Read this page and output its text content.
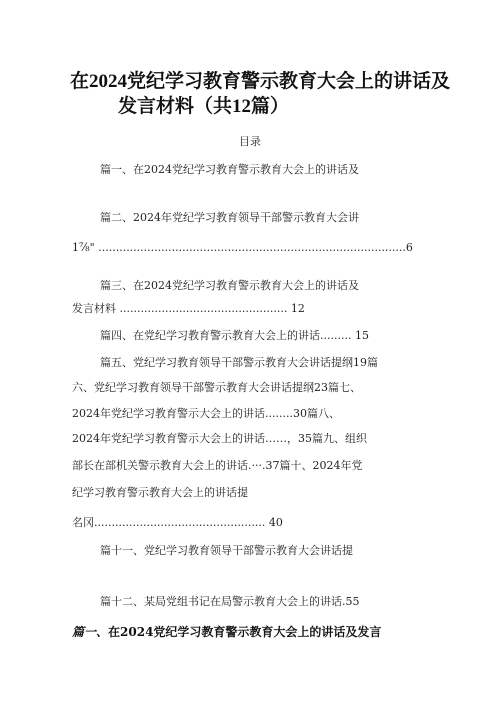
在2024党纪学习教育警示教育大会上的讲话及
发言材料（共12篇）
目录
篇一、在2024党纪学习教育警示教育大会上的讲话及
篇二、2024年党纪学习教育领导干部警示教育大会讲
1⅞" ........................................................................................6
篇三、在2024党纪学习教育警示教育大会上的讲话及
发言材料 ................................................ 12
篇四、在党纪学习教育警示教育大会上的讲话......... 15
篇五、党纪学习教育领导干部警示教育大会讲话提纲19篇
六、党纪学习教育领导干部警示教育大会讲话提纲23篇七、
2024年党纪学习教育警示大会上的讲话........30篇八、
2024年党纪学习教育警示大会上的讲话……，35篇九、组织
部长在部机关警示教育大会上的讲话.···.37篇十、2024年党
纪学习教育警示教育大会上的讲话提
名冈................................................. 40
篇十一、党纪学习教育领导干部警示教育大会讲话提
篇十二、某局党组书记在局警示教育大会上的讲话.55
篇一、在2024党纪学习教育警示教育大会上的讲话及发言
